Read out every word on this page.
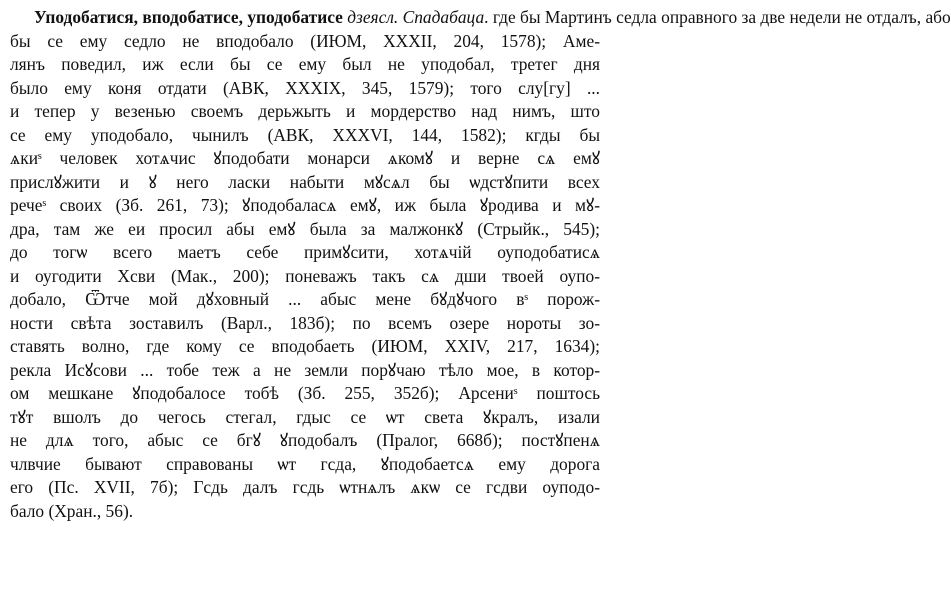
Уподобатися, вподобатисе, уподобатисе дзеясл. Спадабаца. где бы Мартинъ седла оправного за две недели не отдалъ, або
бы се ему седло не вподобало (ИЮМ, XXXII, 204, 1578); Аме-
лянъ поведил, иж если бы се ему был не уподобал, третег дня
было ему коня отдати (АВК, XXXIX, 345, 1579); того слу[гу] ...
и тепер у везенью своемъ дерьжыть и мордерство над нимъ, што
се ему уподобало, чынилъ (АВК, XXXVI, 144, 1582); кгды бы
ѧкиˢ человек хотѧчис ꙋподобати монарси ѧкомꙋ и верне сѧ емꙋ
прислꙋжити и ꙋ него ласки набыти мꙋсѧл бы ѡдстꙋпити всех
речеˢ своих (Зб. 261, 73); ꙋподобаласѧ емꙋ, иж была ꙋродива и мꙋ-
дра, там же еи просил абы емꙋ была за малжонкꙋ (Стрыйк., 545);
до тогѡ всего маетъ себе примꙋсити, хотѧчій оуподобатисѧ
и оугодити Хсви (Мак., 200); поневажъ такъ сѧ дши твоей оупо-
добало, Ѿтче мой дꙋховный ... абыс мене бꙋдꙋчого вˢ порож-
ности свѣта зоставилъ (Варл., 183б); по всемъ озере нороты зо-
ставять волно, где кому се вподобаеть (ИЮМ, XXIV, 217, 1634);
рекла Исꙋсови ... тобе теж а не земли порꙋчаю тѣло мое, в котор-
ом мешкане ꙋподобалосе тобѣ (Зб. 255, 352б); Арсениˢ поштось
тꙋт вшолъ до чегось стегал, гдыс се ѡт света ꙋкралъ, изали
не длѧ того, абыс се бгꙋ ꙋподобалъ (Пралог, 668б); постꙋпенѧ
члвчие бывают справованы ѡт гсда, ꙋподобаетсѧ ему дорога
его (Пс. XVII, 7б); Гсдь далъ гсдь ѡтнѧлъ ѧкѡ се гсдви оуподо-
бало (Хран., 56).
